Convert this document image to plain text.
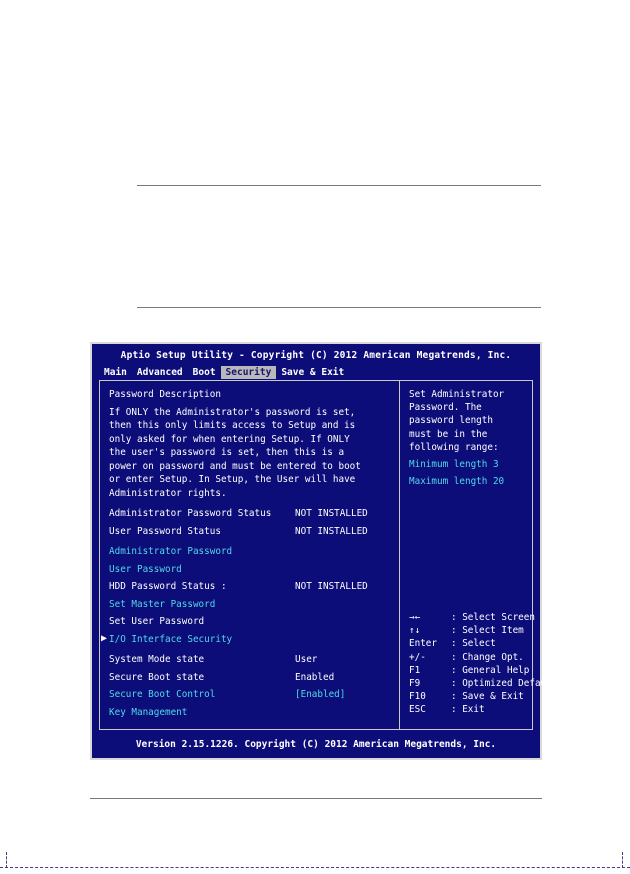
Aptio Setup Utility - Copyright (C) 2012 American Megatrends, Inc.
Main	Advanced	Boot	Security	Save & Exit
Password Description
If ONLY the Administrator's password is set,
then this only limits access to Setup and is
only asked for when entering Setup. If ONLY
the user's password is set, then this is a
power on password and must be entered to boot
or enter Setup. In Setup, the User will have
Administrator rights.
Administrator Password Status	NOT INSTALLED
User Password Status	NOT INSTALLED
Administrator Password
User Password
HDD Password Status :	NOT INSTALLED
Set Master Password
Set User Password
▶ I/O Interface Security
System Mode state	User
Secure Boot state	Enabled
Secure Boot Control	[Enabled]
Key Management
Set Administrator
Password. The
password length
must be in the
following range:
Minimum length 3
Maximum length 20
→←	: Select Screen
↑↓	: Select Item
Enter	: Select
+/-	: Change Opt.
F1	: General Help
F9	: Optimized Defaults
F10	: Save & Exit
ESC	: Exit
Version 2.15.1226. Copyright (C) 2012 American Megatrends, Inc.
